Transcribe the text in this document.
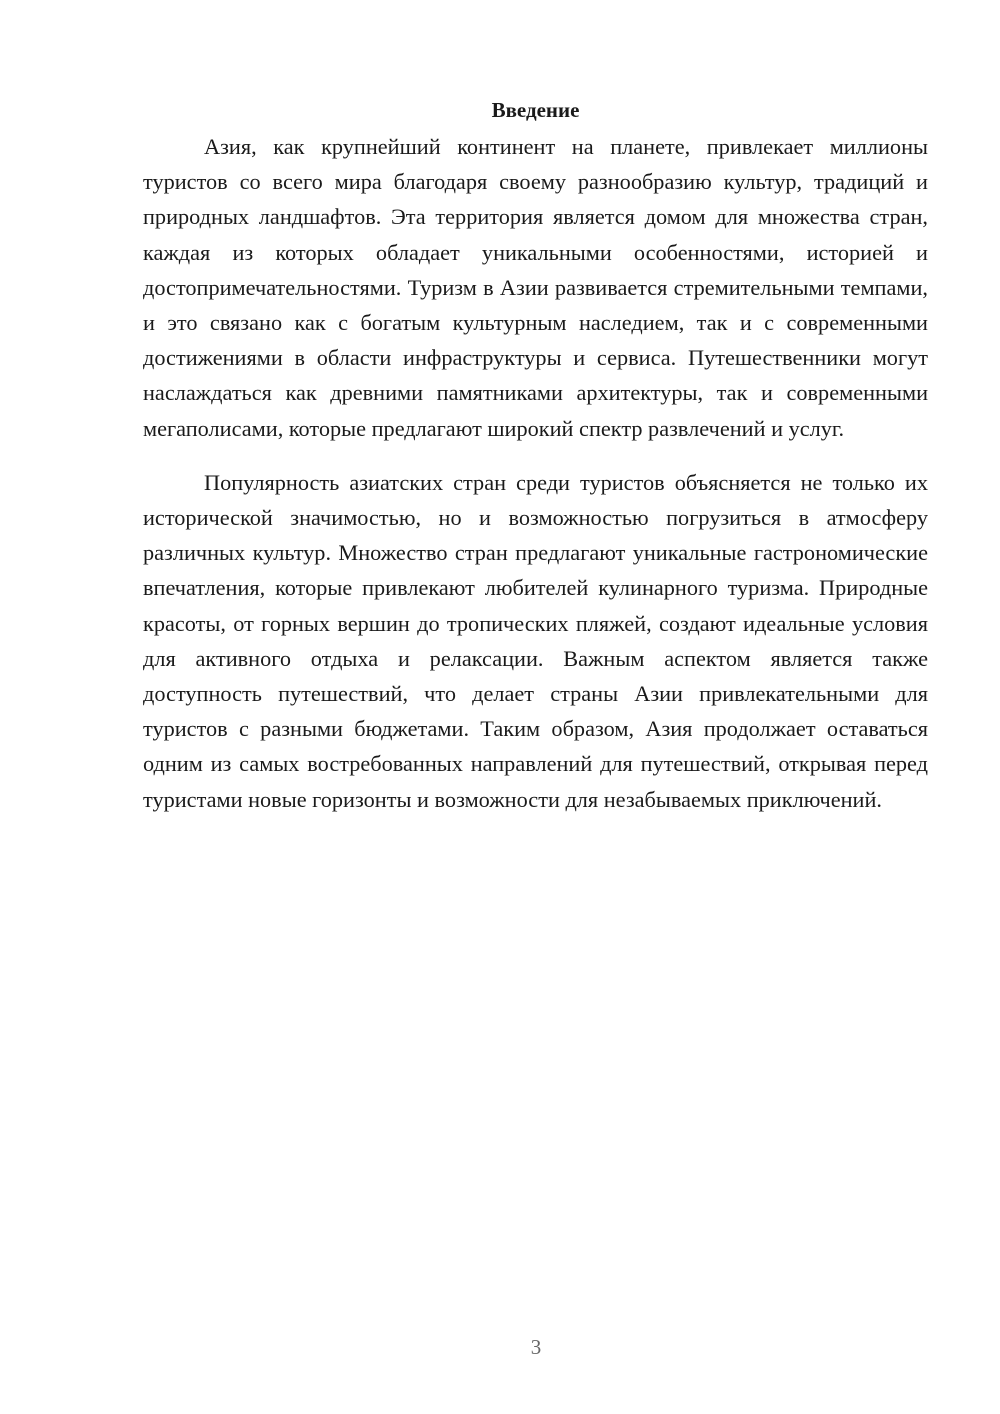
Введение

Азия, как крупнейший континент на планете, привлекает миллионы туристов со всего мира благодаря своему разнообразию культур, традиций и природных ландшафтов. Эта территория является домом для множества стран, каждая из которых обладает уникальными особенностями, историей и достопримечательностями. Туризм в Азии развивается стремительными темпами, и это связано как с богатым культурным наследием, так и с современными достижениями в области инфраструктуры и сервиса. Путешественники могут наслаждаться как древними памятниками архитектуры, так и современными мегаполисами, которые предлагают широкий спектр развлечений и услуг.

Популярность азиатских стран среди туристов объясняется не только их исторической значимостью, но и возможностью погрузиться в атмосферу различных культур. Множество стран предлагают уникальные гастрономические впечатления, которые привлекают любителей кулинарного туризма. Природные красоты, от горных вершин до тропических пляжей, создают идеальные условия для активного отдыха и релаксации. Важным аспектом является также доступность путешествий, что делает страны Азии привлекательными для туристов с разными бюджетами. Таким образом, Азия продолжает оставаться одним из самых востребованных направлений для путешествий, открывая перед туристами новые горизонты и возможности для незабываемых приключений.

3
